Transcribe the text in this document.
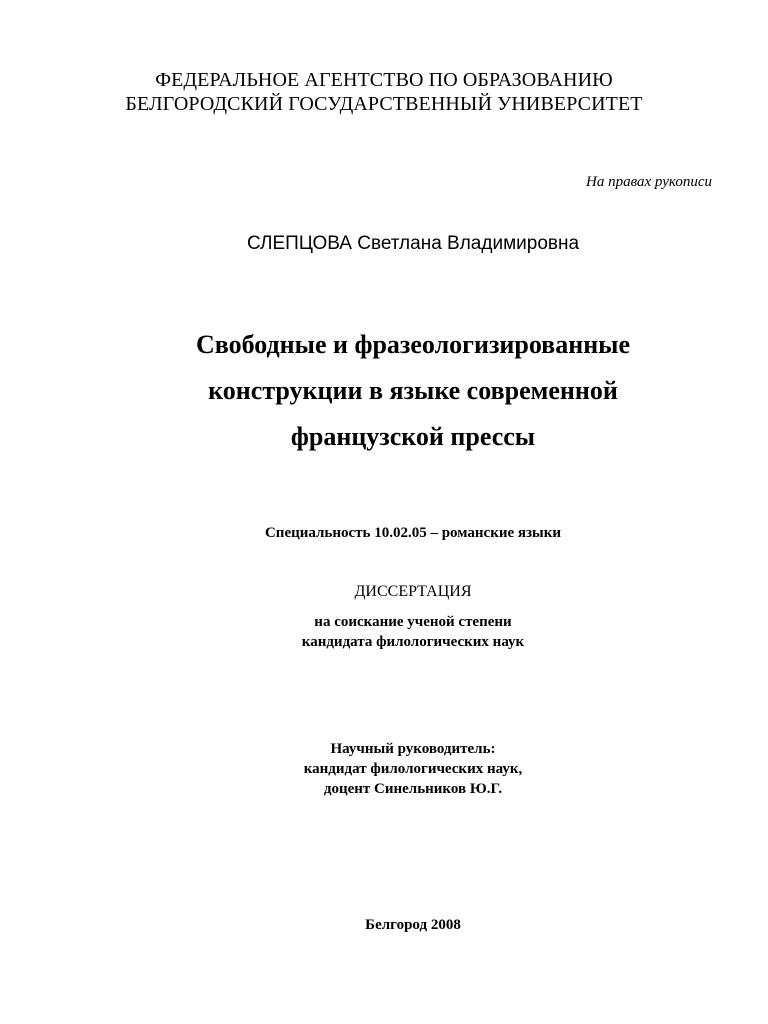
ФЕДЕРАЛЬНОЕ АГЕНТСТВО ПО ОБРАЗОВАНИЮ
БЕЛГОРОДСКИЙ ГОСУДАРСТВЕННЫЙ УНИВЕРСИТЕТ
На правах рукописи
СЛЕПЦОВА Светлана Владимировна
Свободные и фразеологизированные
конструкции в языке современной
французской прессы
Специальность 10.02.05 – романские языки
ДИССЕРТАЦИЯ
на соискание ученой степени
кандидата филологических наук
Научный руководитель:
кандидат филологических наук,
доцент Синельников Ю.Г.
Белгород 2008
